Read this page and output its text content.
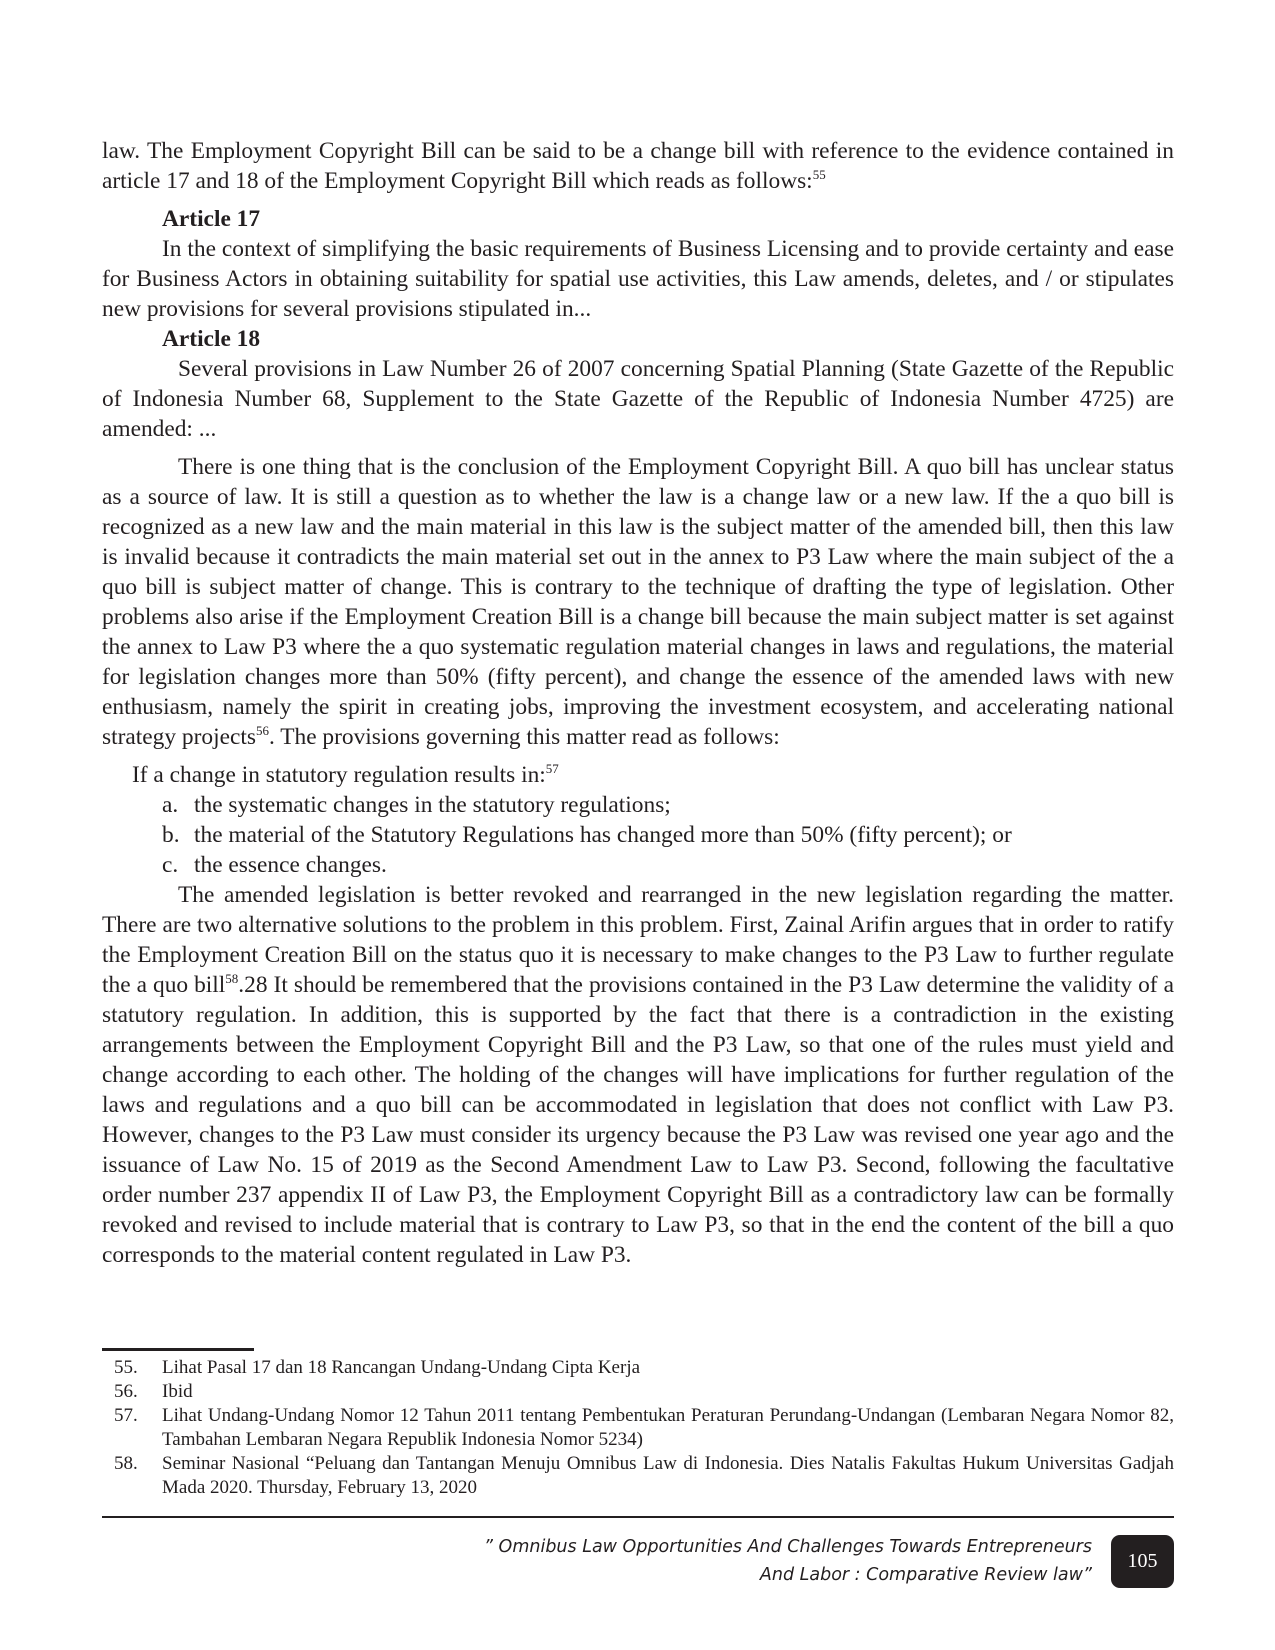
law. The Employment Copyright Bill can be said to be a change bill with reference to the evidence contained in article 17 and 18 of the Employment Copyright Bill which reads as follows:$^{55}$

Article 17

In the context of simplifying the basic requirements of Business Licensing and to provide certainty and ease for Business Actors in obtaining suitability for spatial use activities, this Law amends, deletes, and / or stipulates new provisions for several provisions stipulated in...

Article 18

Several provisions in Law Number 26 of 2007 concerning Spatial Planning (State Gazette of the Republic of Indonesia Number 68, Supplement to the State Gazette of the Republic of Indonesia Number 4725) are amended: ...

There is one thing that is the conclusion of the Employment Copyright Bill. A quo bill has unclear status as a source of law. It is still a question as to whether the law is a change law or a new law. If the a quo bill is recognized as a new law and the main material in this law is the subject matter of the amended bill, then this law is invalid because it contradicts the main material set out in the annex to P3 Law where the main subject of the a quo bill is subject matter of change. This is contrary to the technique of drafting the type of legislation. Other problems also arise if the Employment Creation Bill is a change bill because the main subject matter is set against the annex to Law P3 where the a quo systematic regulation material changes in laws and regulations, the material for legislation changes more than 50% (fifty percent), and change the essence of the amended laws with new enthusiasm, namely the spirit in creating jobs, improving the investment ecosystem, and accelerating national strategy projects$^{56}$. The provisions governing this matter read as follows:

If a change in statutory regulation results in:$^{57}$

a. the systematic changes in the statutory regulations;
b. the material of the Statutory Regulations has changed more than 50% (fifty percent); or
c. the essence changes.

The amended legislation is better revoked and rearranged in the new legislation regarding the matter. There are two alternative solutions to the problem in this problem. First, Zainal Arifin argues that in order to ratify the Employment Creation Bill on the status quo it is necessary to make changes to the P3 Law to further regulate the a quo bill$^{58}$.28 It should be remembered that the provisions contained in the P3 Law determine the validity of a statutory regulation. In addition, this is supported by the fact that there is a contradiction in the existing arrangements between the Employment Copyright Bill and the P3 Law, so that one of the rules must yield and change according to each other. The holding of the changes will have implications for further regulation of the laws and regulations and a quo bill can be accommodated in legislation that does not conflict with Law P3. However, changes to the P3 Law must consider its urgency because the P3 Law was revised one year ago and the issuance of Law No. 15 of 2019 as the Second Amendment Law to Law P3. Second, following the facultative order number 237 appendix II of Law P3, the Employment Copyright Bill as a contradictory law can be formally revoked and revised to include material that is contrary to Law P3, so that in the end the content of the bill a quo corresponds to the material content regulated in Law P3.

55.	Lihat Pasal 17 dan 18 Rancangan Undang-Undang Cipta Kerja
56.	Ibid
57.	Lihat Undang-Undang Nomor 12 Tahun 2011 tentang Pembentukan Peraturan Perundang-Undangan (Lembaran Negara Nomor 82, Tambahan Lembaran Negara Republik Indonesia Nomor 5234)
58.	Seminar Nasional “Peluang dan Tantangan Menuju Omnibus Law di Indonesia. Dies Natalis Fakultas Hukum Universitas Gadjah Mada 2020. Thursday, February 13, 2020
” Omnibus Law Opportunities And Challenges Towards Entrepreneurs
And Labor : Comparative Review law”
105
